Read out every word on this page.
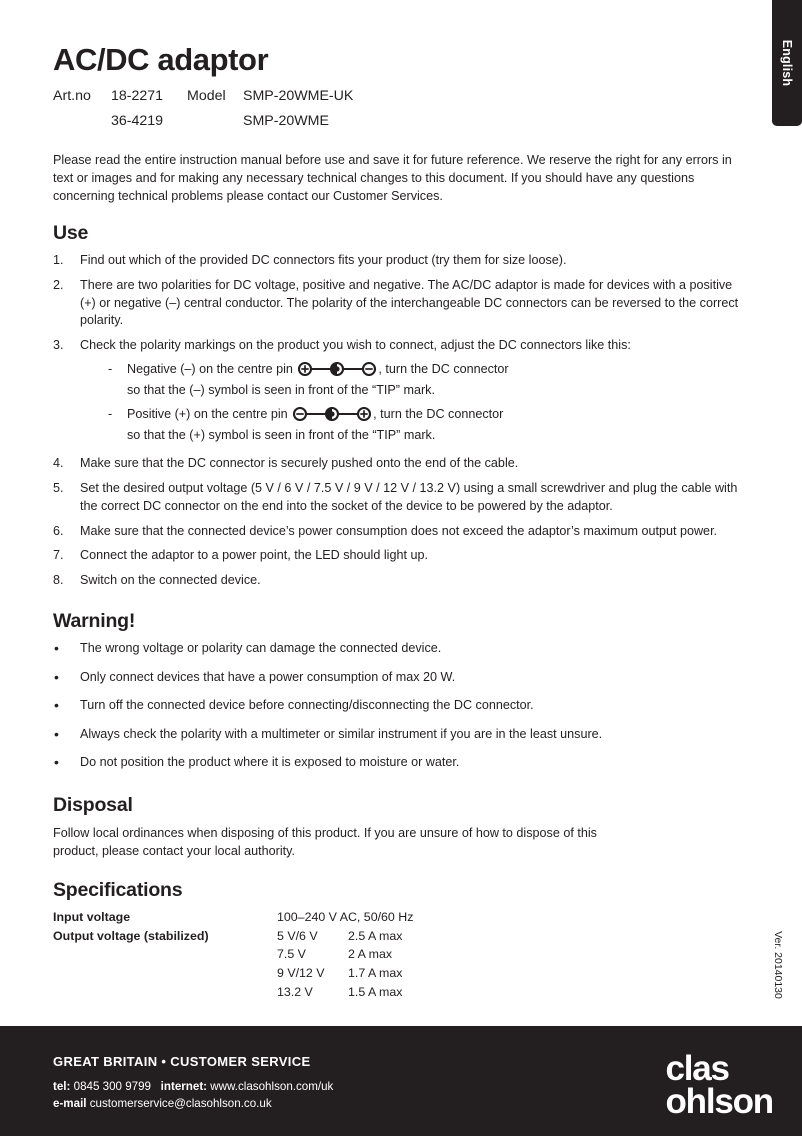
English
Ver. 20140130
AC/DC adaptor
Art.no 18-2271 Model SMP-20WME-UK
36-4219	SMP-20WME

Please read the entire instruction manual before use and save it for future reference. We reserve the right for any errors in text or images and for making any necessary technical changes to this document. If you should have any questions concerning technical problems please contact our Customer Services.

Use
1.	Find out which of the provided DC connectors fits your product (try them for size loose).
2.	There are two polarities for DC voltage, positive and negative. The AC/DC adaptor is made for devices with a positive (+) or negative (–) central conductor. The polarity of the interchangeable DC connectors can be reversed to the correct polarity.
3.	Check the polarity markings on the product you wish to connect, adjust the DC connectors like this:
- Negative (–) on the centre pin	, turn the DC connector
so that the (–) symbol is seen in front of the “TIP” mark.
- Positive (+) on the centre pin	, turn the DC connector
so that the (+) symbol is seen in front of the “TIP” mark.
4.	Make sure that the DC connector is securely pushed onto the end of the cable.
5.	Set the desired output voltage (5 V / 6 V / 7.5 V / 9 V / 12 V / 13.2 V) using a small screwdriver and plug the cable with the correct DC connector on the end into the socket of the device to be powered by the adaptor.
6.	Make sure that the connected device’s power consumption does not exceed the adaptor’s maximum output power.
7.	Connect the adaptor to a power point, the LED should light up.
8.	Switch on the connected device.
Warning!
• The wrong voltage or polarity can damage the connected device.
• Only connect devices that have a power consumption of max 20 W.
• Turn off the connected device before connecting/disconnecting the DC connector.
• Always check the polarity with a multimeter or similar instrument if you are in the least unsure.
• Do not position the product where it is exposed to moisture or water.
Disposal

Follow local ordinances when disposing of this product. If you are unsure of how to dispose of this product, please contact your local authority.

Specifications
Input voltage	100–240 V AC, 50/60 Hz	
Output voltage (stabilized)	5 V/6 V	2.5 A max
	7.5 V	2 A max
	9 V/12 V	1.7 A max
	13.2 V	1.5 A max
GREAT BRITAIN • CUSTOMER SERVICE
tel: 0845 300 9799 internet: www.clasohlson.com/uk
e-mail customerservice@clasohlson.co.uk
clas
ohlson
